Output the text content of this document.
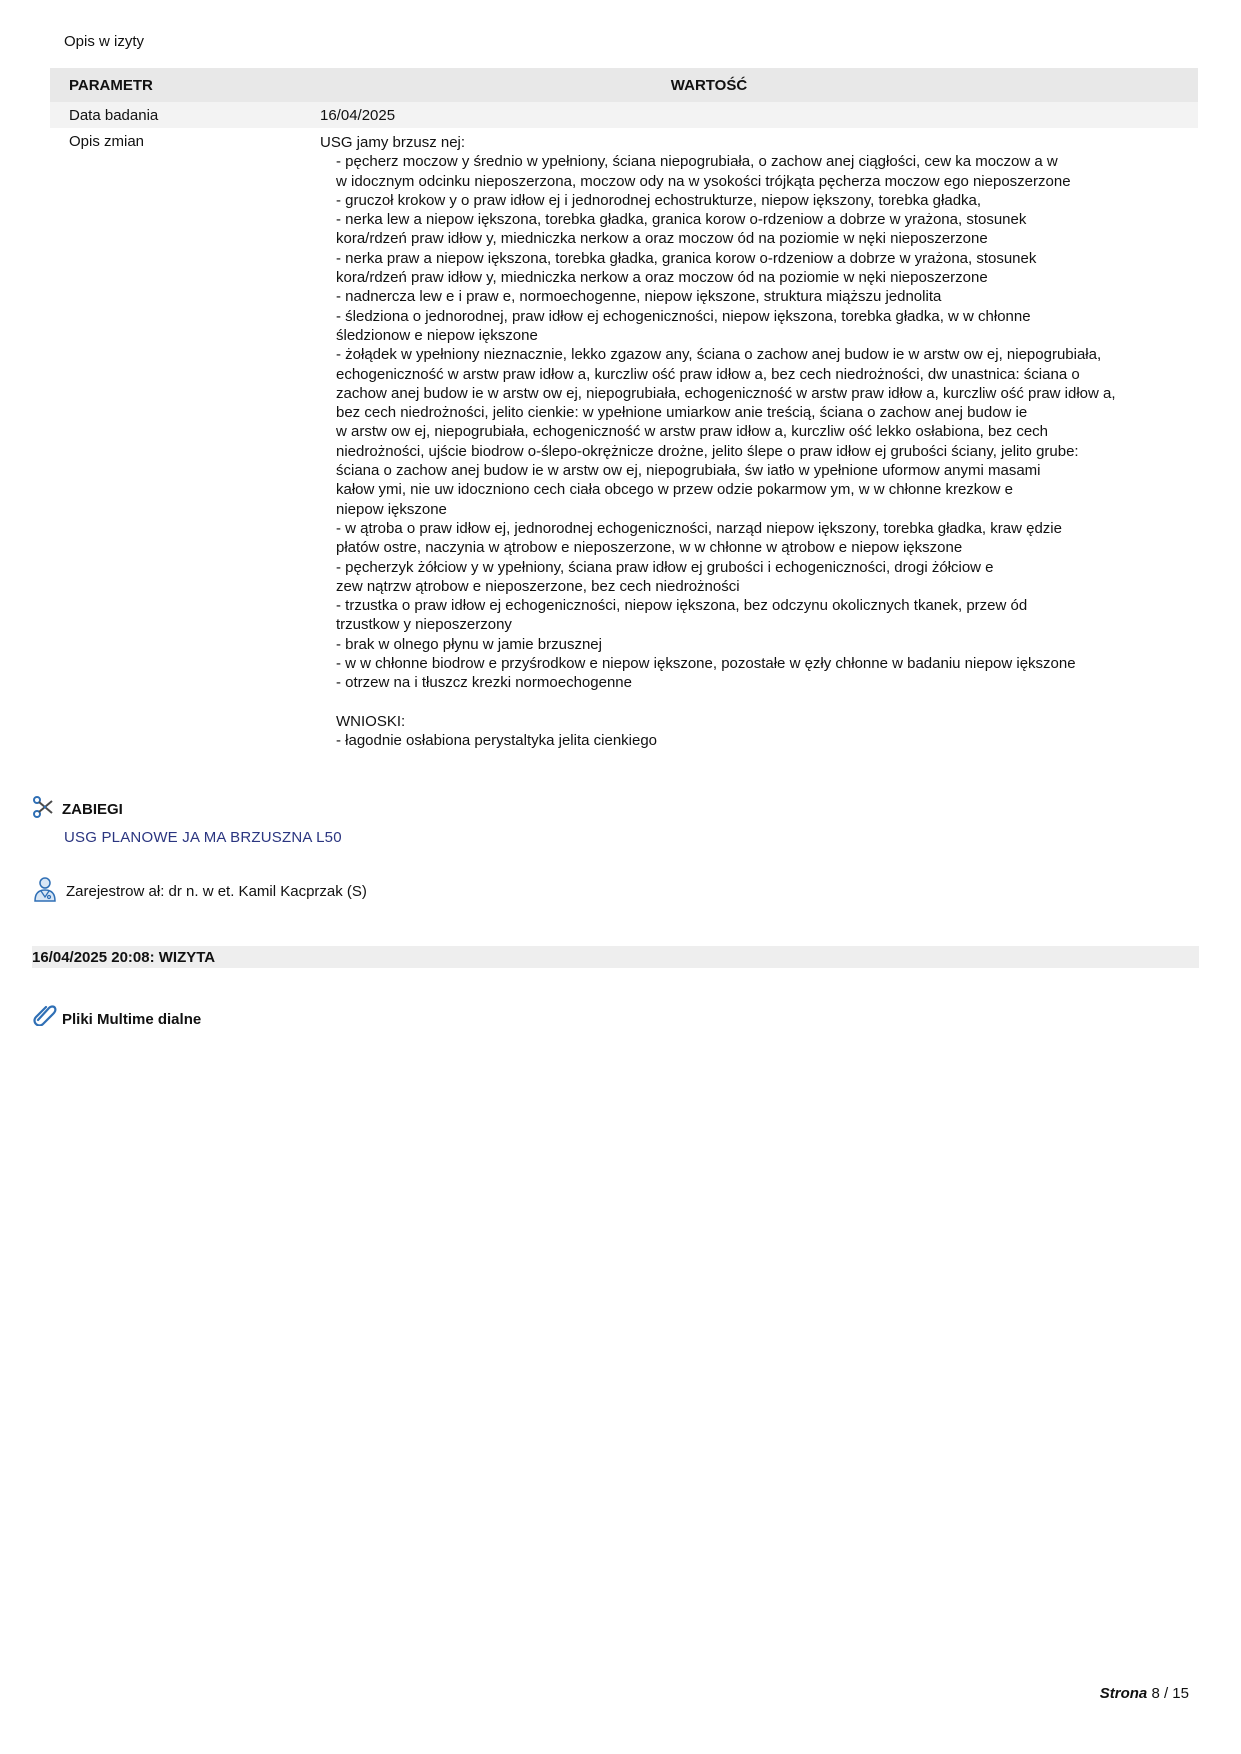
Opis w izyty
PARAMETR	WARTOŚĆ
Data badania	16/04/2025
Opis zmian	USG jamy brzusz nej:
- pęcherz moczow y średnio w ypełniony, ściana niepogrubiała, o zachow anej ciągłości, cew ka moczow a w
w idocznym odcinku nieposzerzona, moczow ody na w ysokości trójkąta pęcherza moczow ego nieposzerzone
- gruczoł krokow y o praw idłow ej i jednorodnej echostrukturze, niepow iększony, torebka gładka,
- nerka lew a niepow iększona, torebka gładka, granica korow o-rdzeniow a dobrze w yrażona, stosunek
kora/rdzeń praw idłow y, miedniczka nerkow a oraz moczow ód na poziomie w nęki nieposzerzone
- nerka praw a niepow iększona, torebka gładka, granica korow o-rdzeniow a dobrze w yrażona, stosunek
kora/rdzeń praw idłow y, miedniczka nerkow a oraz moczow ód na poziomie w nęki nieposzerzone
- nadnercza lew e i praw e, normoechogenne, niepow iększone, struktura miąższu jednolita
- śledziona o jednorodnej, praw idłow ej echogeniczności, niepow iększona, torebka gładka, w w chłonne
śledzionow e niepow iększone
- żołądek w ypełniony nieznacznie, lekko zgazow any, ściana o zachow anej budow ie w arstw ow ej, niepogrubiała,
echogeniczność w arstw praw idłow a, kurczliw ość praw idłow a, bez cech niedrożności, dw unastnica: ściana o
zachow anej budow ie w arstw ow ej, niepogrubiała, echogeniczność w arstw praw idłow a, kurczliw ość praw idłow a,
bez cech niedrożności, jelito cienkie: w ypełnione umiarkow anie treścią, ściana o zachow anej budow ie
w arstw ow ej, niepogrubiała, echogeniczność w arstw praw idłow a, kurczliw ość lekko osłabiona, bez cech
niedrożności, ujście biodrow o-ślepo-okrężnicze drożne, jelito ślepe o praw idłow ej grubości ściany, jelito grube:
ściana o zachow anej budow ie w arstw ow ej, niepogrubiała, św iatło w ypełnione uformow anymi masami
kałow ymi, nie uw idoczniono cech ciała obcego w przew odzie pokarmow ym, w w chłonne krezkow e
niepow iększone
- w ątroba o praw idłow ej, jednorodnej echogeniczności, narząd niepow iększony, torebka gładka, kraw ędzie
płatów ostre, naczynia w ątrobow e nieposzerzone, w w chłonne w ątrobow e niepow iększone
- pęcherzyk żółciow y w ypełniony, ściana praw idłow ej grubości i echogeniczności, drogi żółciow e
zew nątrzw ątrobow e nieposzerzone, bez cech niedrożności
- trzustka o praw idłow ej echogeniczności, niepow iększona, bez odczynu okolicznych tkanek, przew ód
trzustkow y nieposzerzony
- brak w olnego płynu w jamie brzusznej
- w w chłonne biodrow e przyśrodkow e niepow iększone, pozostałe w ęzły chłonne w badaniu niepow iększone
- otrzew na i tłuszcz krezki normoechogenne
WNIOSKI:
- łagodnie osłabiona perystaltyka jelita cienkiego
ZABIEGI
USG PLANOWE JA MA BRZUSZNA L50
Zarejestrow ał: dr n. w et. Kamil Kacprzak (S)
16/04/2025 20:08: WIZYTA
Pliki Multime dialne
Strona 8 / 15
